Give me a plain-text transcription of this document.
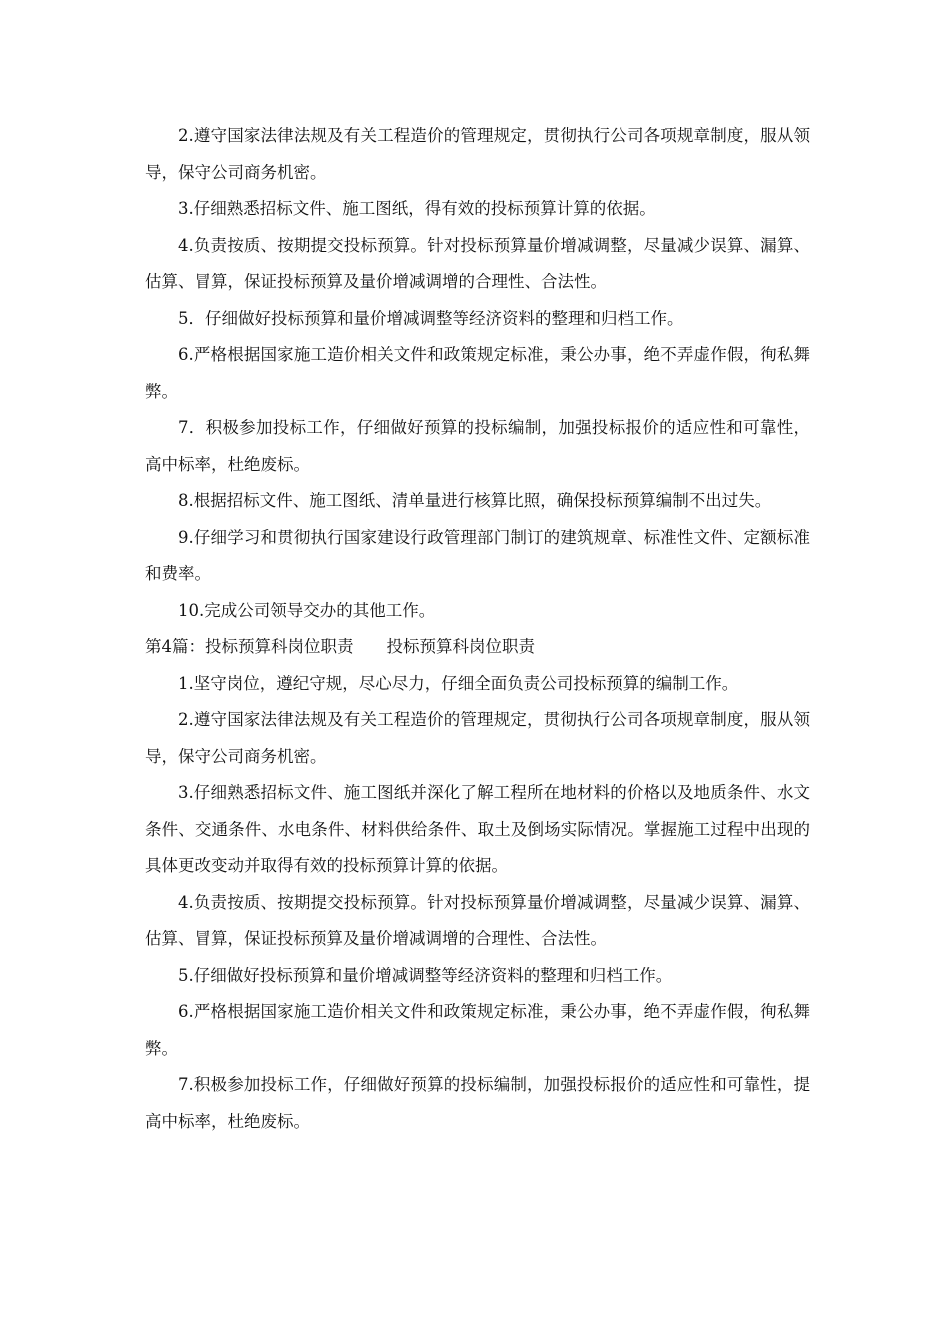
2.遵守国家法律法规及有关工程造价的管理规定，贯彻执行公司各项规章制度，服从领导，保守公司商务机密。

3.仔细熟悉招标文件、施工图纸，得有效的投标预算计算的依据。

4.负责按质、按期提交投标预算。针对投标预算量价增减调整，尽量减少误算、漏算、估算、冒算，保证投标预算及量价增减调增的合理性、合法性。

5．仔细做好投标预算和量价增减调整等经济资料的整理和归档工作。

6.严格根据国家施工造价相关文件和政策规定标准，秉公办事，绝不弄虚作假，徇私舞弊。

7．积极参加投标工作，仔细做好预算的投标编制，加强投标报价的适应性和可靠性，高中标率，杜绝废标。

8.根据招标文件、施工图纸、清单量进行核算比照，确保投标预算编制不出过失。

9.仔细学习和贯彻执行国家建设行政管理部门制订的建筑规章、标准性文件、定额标准和费率。

10.完成公司领导交办的其他工作。

第4篇：投标预算科岗位职责　　投标预算科岗位职责

1.坚守岗位，遵纪守规，尽心尽力，仔细全面负责公司投标预算的编制工作。

2.遵守国家法律法规及有关工程造价的管理规定，贯彻执行公司各项规章制度，服从领导，保守公司商务机密。

3.仔细熟悉招标文件、施工图纸并深化了解工程所在地材料的价格以及地质条件、水文条件、交通条件、水电条件、材料供给条件、取土及倒场实际情况。掌握施工过程中出现的具体更改变动并取得有效的投标预算计算的依据。

4.负责按质、按期提交投标预算。针对投标预算量价增减调整，尽量减少误算、漏算、估算、冒算，保证投标预算及量价增减调增的合理性、合法性。

5.仔细做好投标预算和量价增减调整等经济资料的整理和归档工作。

6.严格根据国家施工造价相关文件和政策规定标准，秉公办事，绝不弄虚作假，徇私舞弊。

7.积极参加投标工作，仔细做好预算的投标编制，加强投标报价的适应性和可靠性，提高中标率，杜绝废标。
